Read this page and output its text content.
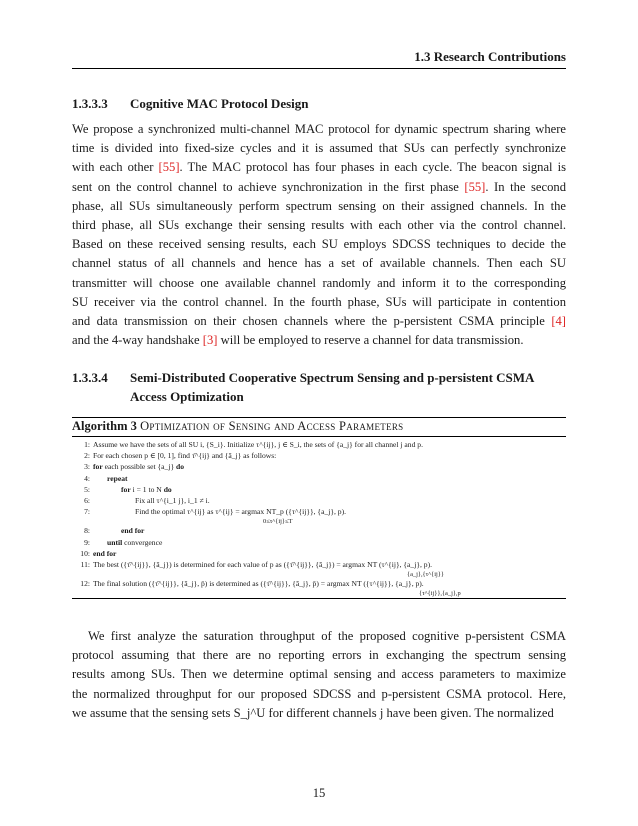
1.3 Research Contributions
1.3.3.3 Cognitive MAC Protocol Design
We propose a synchronized multi-channel MAC protocol for dynamic spectrum sharing where
time is divided into fixed-size cycles and it is assumed that SUs can perfectly synchronize
with each other [55]. The MAC protocol has four phases in each cycle. The beacon signal is
sent on the control channel to achieve synchronization in the first phase [55]. In the second
phase, all SUs simultaneously perform spectrum sensing on their assigned channels. In the
third phase, all SUs exchange their sensing results with each other via the control channel.
Based on these received sensing results, each SU employs SDCSS techniques to decide the
channel status of all channels and hence has a set of available channels. Then each SU
transmitter will choose one available channel randomly and inform it to the corresponding
SU receiver via the control channel. In the fourth phase, SUs will participate in contention
and data transmission on their chosen channels where the p-persistent CSMA principle [4]
and the 4-way handshake [3] will be employed to reserve a channel for data transmission.
1.3.3.4 Semi-Distributed Cooperative Spectrum Sensing and p-persistent CSMA
Access Optimization
Algorithm 3 Optimization of Sensing and Access Parameters
1: Assume we have the sets of all SU i, {S_i}. Initialize τ^{ij}, j ∈ S_i, the sets of {a_j} for all channel j and p.
2: For each chosen p ∈ [0, 1], find τ̄^{ij} and {ā_j} as follows:
3: for each possible set {a_j} do
4: repeat
5:	for i = 1 to N do
6:	Fix all τ^{i_1 j}, i_1 ≠ i.
7:	Find the optimal τ^{ij} as τ^{ij} = argmax NT_p ({τ^{ij}}, {a_j}, p).
0≤τ^{ij}≤T
8:	end for
9: until convergence
10: end for
11: The best ({τ̄^{ij}}, {ā_j}) is determined for each value of p as ({τ̄^{ij}}, {ā_j}) = argmax NT (τ^{ij}, {a_j}, p).
{a_j},{τ^{ij}}
12: The final solution ({τ̄^{ij}}, {ā_j}, p̄) is determined as ({τ̄^{ij}}, {ā_j}, p̄) = argmax NT ({τ^{ij}}, {a_j}, p).
{τ^{ij}},{a_j},p
We first analyze the saturation throughput of the proposed cognitive p-persistent CSMA
protocol assuming that there are no reporting errors in exchanging the spectrum sensing
results among SUs. Then we determine optimal sensing and access parameters to maximize
the normalized throughput for our proposed SDCSS and p-persistent CSMA protocol. Here,
we assume that the sensing sets S_j^U for different channels j have been given. The normalized
15
